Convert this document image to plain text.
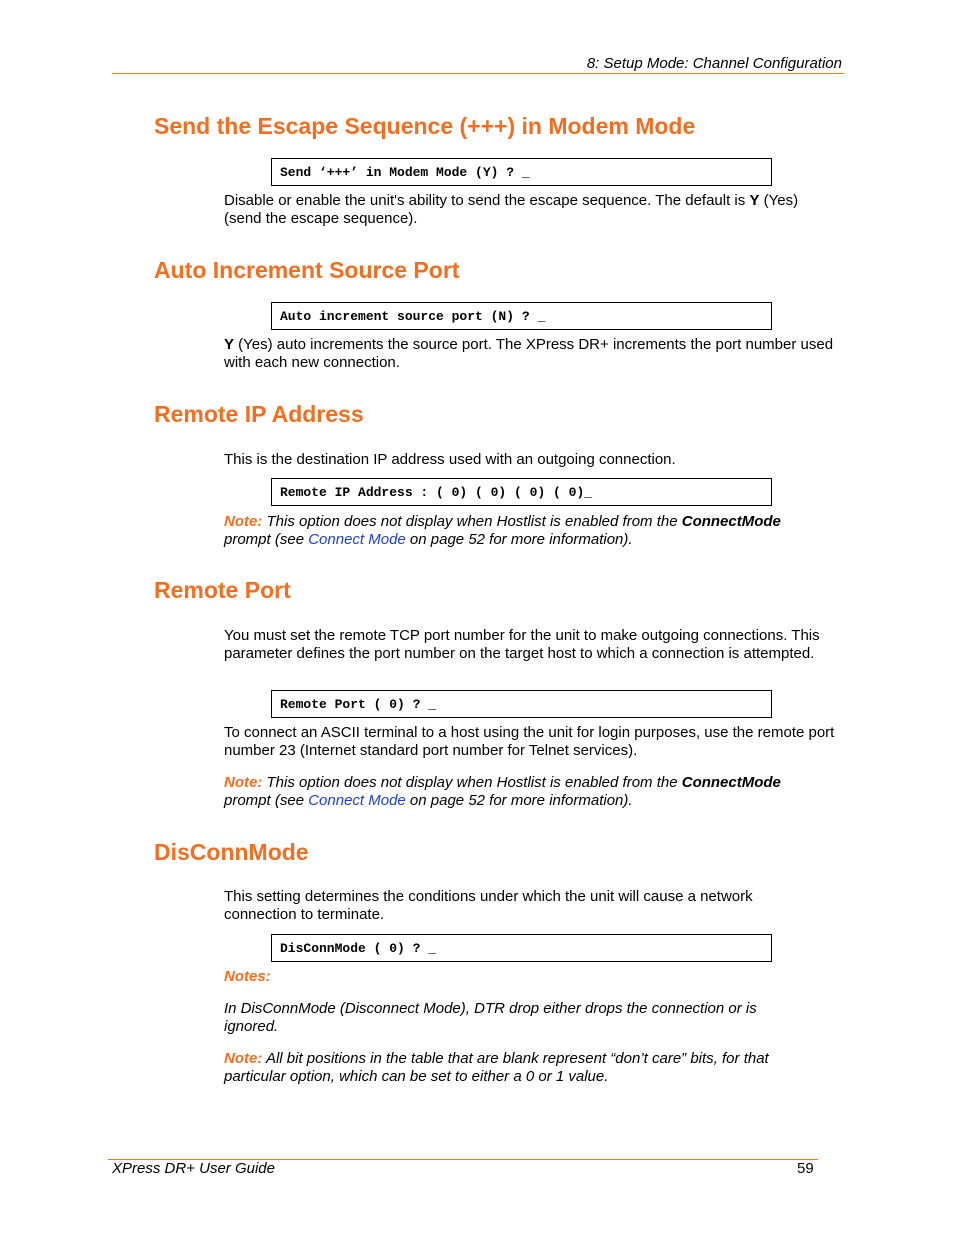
8: Setup Mode: Channel Configuration
Send the Escape Sequence (+++) in Modem Mode
Send ‘+++’ in Modem Mode (Y) ? _
Disable or enable the unit's ability to send the escape sequence. The default is Y (Yes) (send the escape sequence).
Auto Increment Source Port
Auto increment source port (N) ? _
Y (Yes) auto increments the source port. The XPress DR+ increments the port number used with each new connection.
Remote IP Address
This is the destination IP address used with an outgoing connection.
Remote IP Address : ( 0) ( 0) ( 0) ( 0)_
Note: This option does not display when Hostlist is enabled from the ConnectMode prompt (see Connect Mode on page 52 for more information).
Remote Port
You must set the remote TCP port number for the unit to make outgoing connections. This parameter defines the port number on the target host to which a connection is attempted.
Remote Port ( 0) ? _
To connect an ASCII terminal to a host using the unit for login purposes, use the remote port number 23 (Internet standard port number for Telnet services).
Note: This option does not display when Hostlist is enabled from the ConnectMode prompt (see Connect Mode on page 52 for more information).
DisConnMode
This setting determines the conditions under which the unit will cause a network connection to terminate.
DisConnMode ( 0) ? _
Notes:
In DisConnMode (Disconnect Mode), DTR drop either drops the connection or is ignored.
Note: All bit positions in the table that are blank represent “don’t care” bits, for that particular option, which can be set to either a 0 or 1 value.
XPress DR+ User Guide	59
